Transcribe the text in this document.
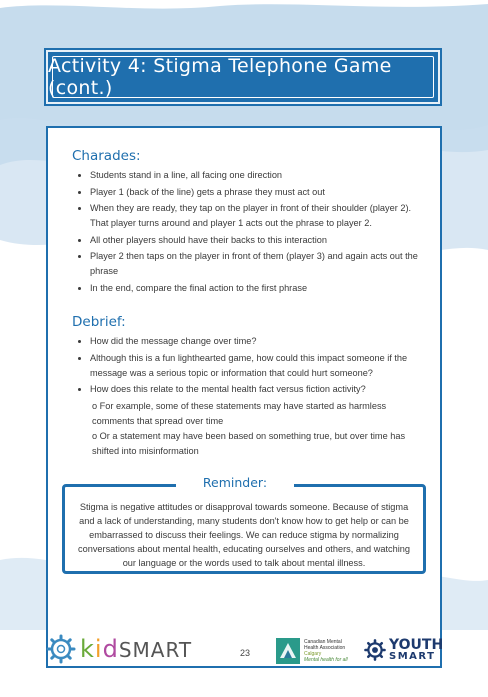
Activity 4: Stigma Telephone Game (cont.)
Charades:
• Students stand in a line, all facing one direction
• Player 1 (back of the line) gets a phrase they must act out
• When they are ready, they tap on the player in front of their shoulder (player 2). That player turns around and player 1 acts out the phrase to player 2.
• All other players should have their backs to this interaction
• Player 2 then taps on the player in front of them (player 3) and again acts out the phrase
• In the end, compare the final action to the first phrase
Debrief:
• How did the message change over time?
• Although this is a fun lighthearted game, how could this impact someone if the message was a serious topic or information that could hurt someone?
• How does this relate to the mental health fact versus fiction activity?
o For example, some of these statements may have started as harmless comments that spread over time
o Or a statement may have been based on something true, but over time has shifted into misinformation
Reminder:
Stigma is negative attitudes or disapproval towards someone. Because of stigma and a lack of understanding, many students don't know how to get help or can be embarrassed to discuss their feelings. We can reduce stigma by normalizing conversations about mental health, educating ourselves and others, and watching our language or the words used to talk about mental illness.
kidSMART	23
Canadian Mental
Health Association
Calgary
Mental health for all
YOUTH
SMART
